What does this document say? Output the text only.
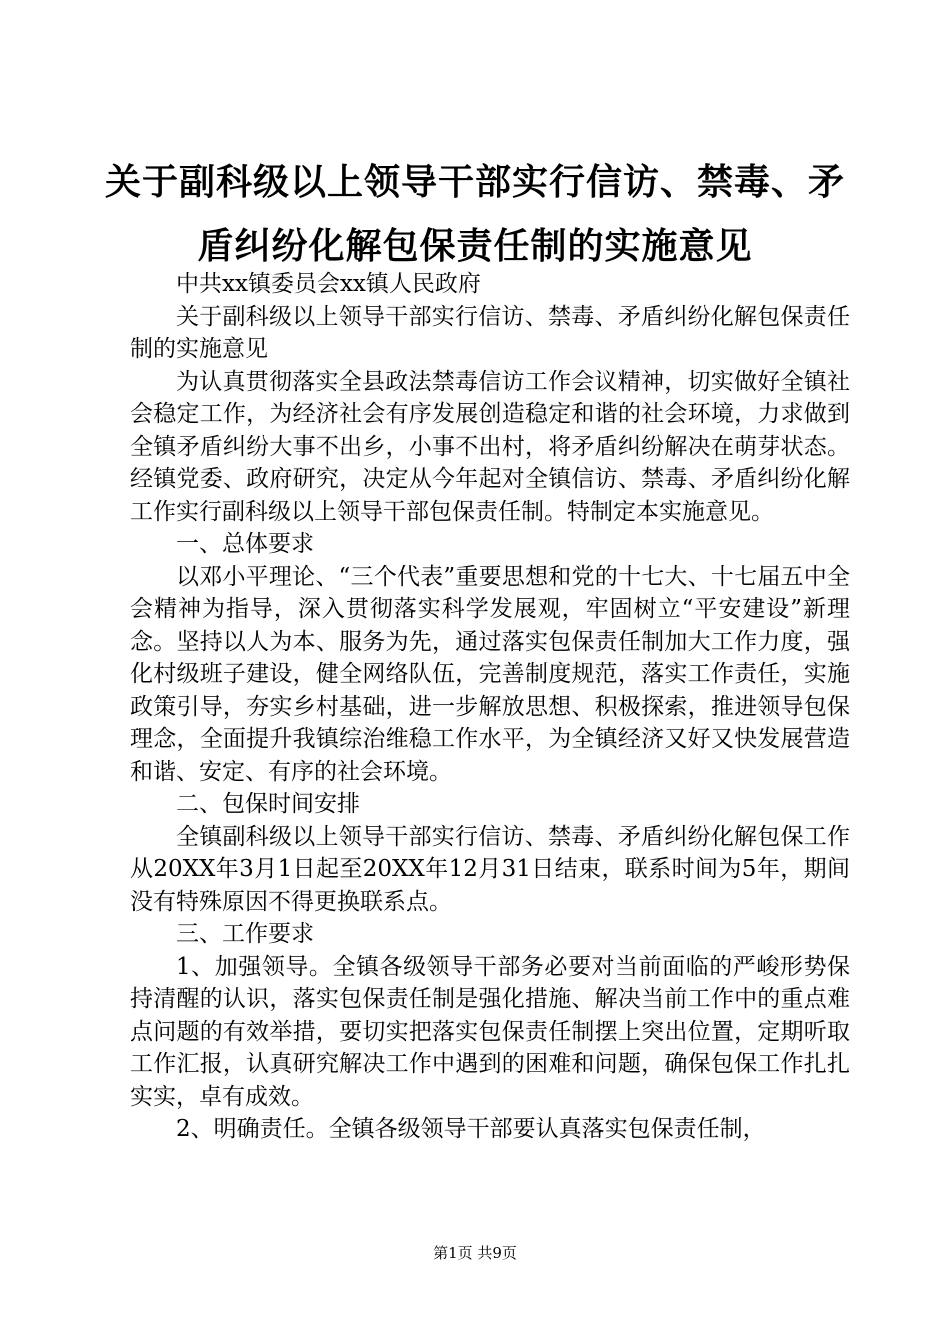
关于副科级以上领导干部实行信访、禁毒、矛盾纠纷化解包保责任制的实施意见

中共xx镇委员会xx镇人民政府

关于副科级以上领导干部实行信访、禁毒、矛盾纠纷化解包保责任制的实施意见

为认真贯彻落实全县政法禁毒信访工作会议精神，切实做好全镇社会稳定工作，为经济社会有序发展创造稳定和谐的社会环境，力求做到全镇矛盾纠纷大事不出乡，小事不出村，将矛盾纠纷解决在萌芽状态。经镇党委、政府研究，决定从今年起对全镇信访、禁毒、矛盾纠纷化解工作实行副科级以上领导干部包保责任制。特制定本实施意见。

一、总体要求

以邓小平理论、“三个代表”重要思想和党的十七大、十七届五中全会精神为指导，深入贯彻落实科学发展观，牢固树立“平安建设”新理念。坚持以人为本、服务为先，通过落实包保责任制加大工作力度，强化村级班子建设，健全网络队伍，完善制度规范，落实工作责任，实施政策引导，夯实乡村基础，进一步解放思想、积极探索，推进领导包保理念，全面提升我镇综治维稳工作水平，为全镇经济又好又快发展营造和谐、安定、有序的社会环境。

二、包保时间安排

全镇副科级以上领导干部实行信访、禁毒、矛盾纠纷化解包保工作从20XX年3月1日起至20XX年12月31日结束，联系时间为5年，期间没有特殊原因不得更换联系点。

三、工作要求

1、加强领导。全镇各级领导干部务必要对当前面临的严峻形势保持清醒的认识，落实包保责任制是强化措施、解决当前工作中的重点难点问题的有效举措，要切实把落实包保责任制摆上突出位置，定期听取工作汇报，认真研究解决工作中遇到的困难和问题，确保包保工作扎扎实实，卓有成效。

2、明确责任。全镇各级领导干部要认真落实包保责任制，

第1页 共9页
